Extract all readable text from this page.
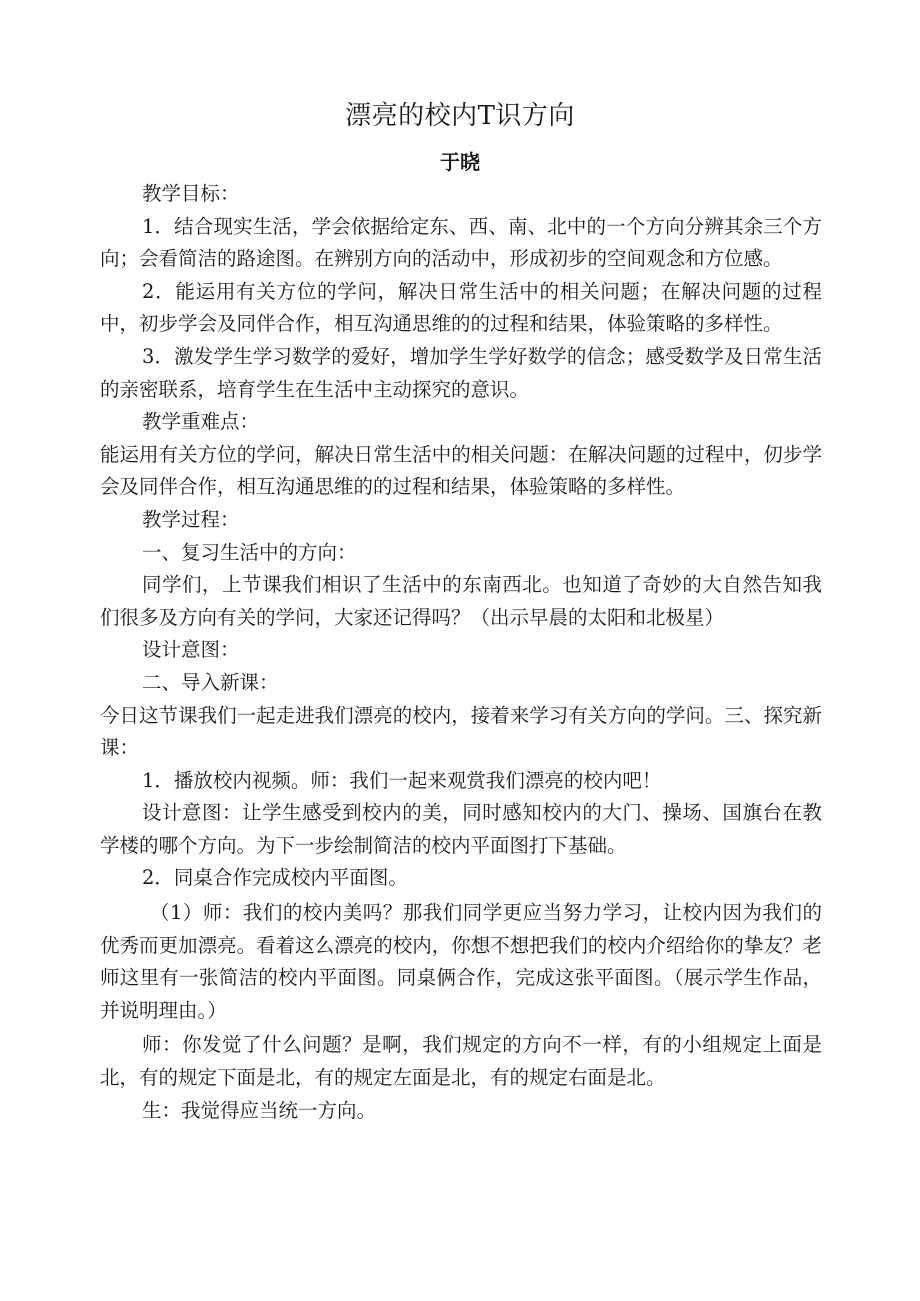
漂亮的校内T识方向
于晓

教学目标：

1．结合现实生活，学会依据给定东、西、南、北中的一个方向分辨其余三个方向；会看简洁的路途图。在辨别方向的活动中，形成初步的空间观念和方位感。

2．能运用有关方位的学问，解决日常生活中的相关问题；在解决问题的过程中，初步学会及同伴合作，相互沟通思维的的过程和结果，体验策略的多样性。

3．激发学生学习数学的爱好，增加学生学好数学的信念；感受数学及日常生活的亲密联系，培育学生在生活中主动探究的意识。

教学重难点：

能运用有关方位的学问，解决日常生活中的相关问题：在解决问题的过程中，仞步学会及同伴合作，相互沟通思维的的过程和结果，体验策略的多样性。

教学过程：

一、复习生活中的方向：

同学们，上节课我们相识了生活中的东南西北。也知道了奇妙的大自然告知我们很多及方向有关的学问，大家还记得吗？（出示早晨的太阳和北极星）

设计意图：

二、导入新课：

今日这节课我们一起走进我们漂亮的校内，接着来学习有关方向的学问。三、探究新课：

1．播放校内视频。师：我们一起来观赏我们漂亮的校内吧！

设计意图：让学生感受到校内的美，同时感知校内的大门、操场、国旗台在教学楼的哪个方向。为下一步绘制简洁的校内平面图打下基础。

2．同桌合作完成校内平面图。

（1）师：我们的校内美吗？那我们同学更应当努力学习，让校内因为我们的优秀而更加漂亮。看着这么漂亮的校内，你想不想把我们的校内介绍给你的挚友？老师这里有一张简洁的校内平面图。同桌俩合作，完成这张平面图。（展示学生作品，并说明理由。）

师：你发觉了什么问题？是啊，我们规定的方向不一样，有的小组规定上面是北，有的规定下面是北，有的规定左面是北，有的规定右面是北。

生：我觉得应当统一方向。
